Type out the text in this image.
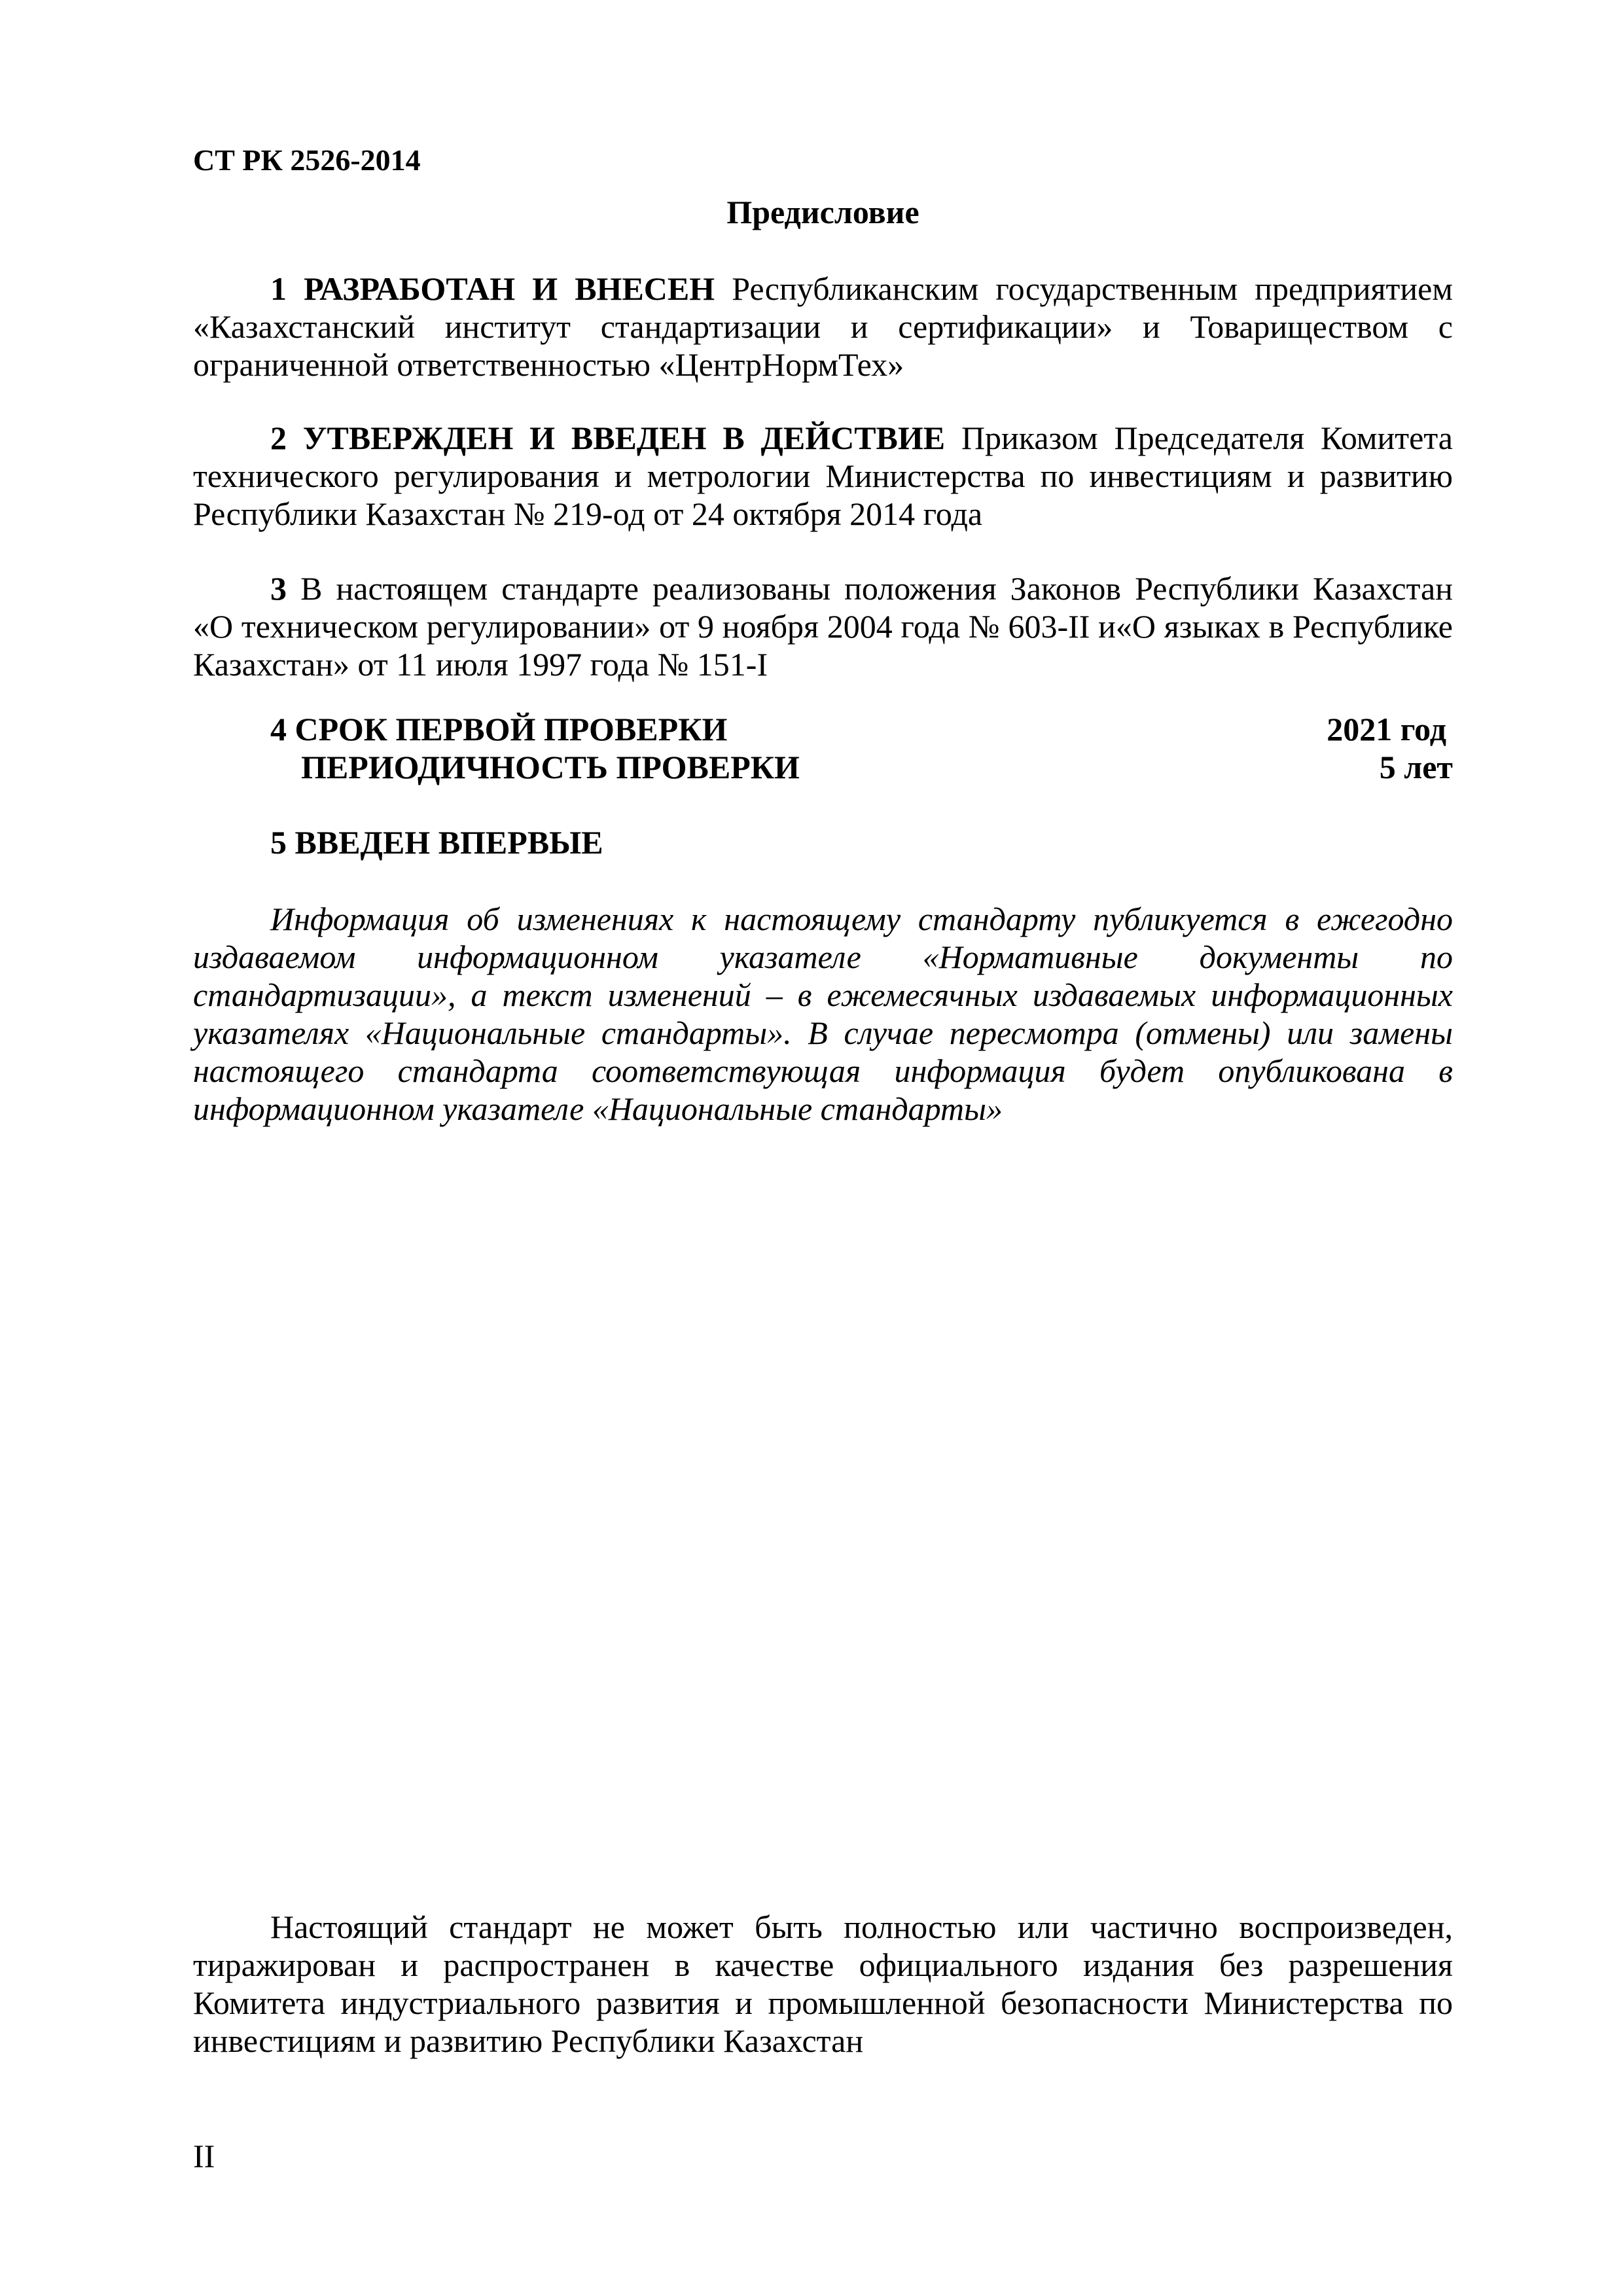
СТ РК 2526-2014
Предисловие
1 РАЗРАБОТАН И ВНЕСЕН Республиканским государственным предприятием «Казахстанский институт стандартизации и сертификации» и Товариществом с ограниченной ответственностью «ЦентрНормТех»
2 УТВЕРЖДЕН И ВВЕДЕН В ДЕЙСТВИЕ Приказом Председателя Комитета технического регулирования и метрологии Министерства по инвестициям и развитию Республики Казахстан № 219-од от 24 октября 2014 года
3 В настоящем стандарте реализованы положения Законов Республики Казахстан «О техническом регулировании» от 9 ноября 2004 года № 603-II и«О языках в Республике Казахстан» от 11 июля 1997 года № 151-I
4 СРОК ПЕРВОЙ ПРОВЕРКИ	2021 год
ПЕРИОДИЧНОСТЬ ПРОВЕРКИ	5 лет
5 ВВЕДЕН ВПЕРВЫЕ
Информация об изменениях к настоящему стандарту публикуется в ежегодно издаваемом информационном указателе «Нормативные документы по стандартизации», а текст изменений – в ежемесячных издаваемых информационных указателях «Национальные стандарты». В случае пересмотра (отмены) или замены настоящего стандарта соответствующая информация будет опубликована в информационном указателе «Национальные стандарты»
Настоящий стандарт не может быть полностью или частично воспроизведен, тиражирован и распространен в качестве официального издания без разрешения Комитета индустриального развития и промышленной безопасности Министерства по инвестициям и развитию Республики Казахстан
II
